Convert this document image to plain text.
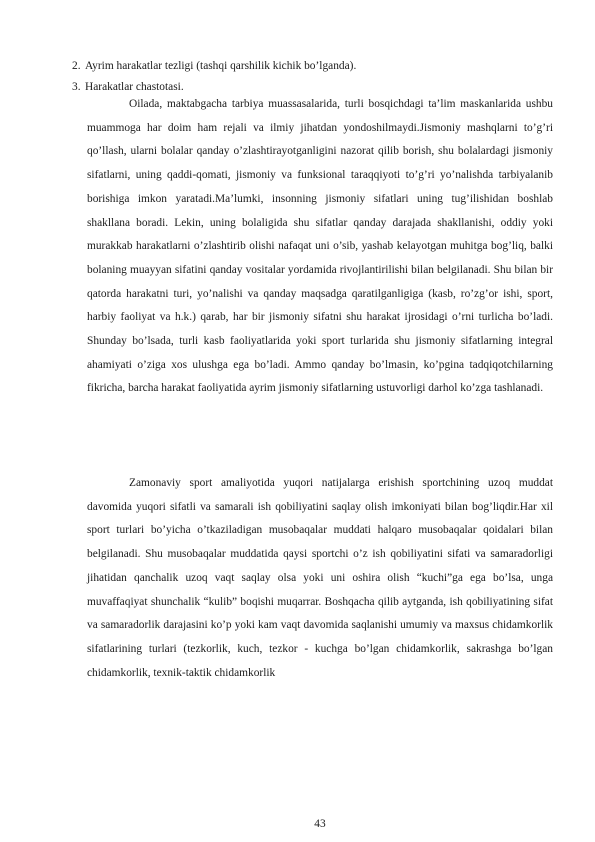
2. Ayrim harakatlar tezligi (tashqi qarshilik kichik bo’lganda).
3. Harakatlar chastotasi.

Oilada, maktabgacha tarbiya muassasalarida, turli bosqichdagi ta’lim maskanlarida ushbu muammoga har doim ham rejali va ilmiy jihatdan yondoshilmaydi.Jismoniy mashqlarni to’g’ri qo’llash, ularni bolalar qanday o’zlashtirayotganligini nazorat qilib borish, shu bolalardagi jismoniy sifatlarni, uning qaddi-qomati, jismoniy va funksional taraqqiyoti to’g’ri yo’nalishda tarbiyalanib borishiga imkon yaratadi.Ma’lumki, insonning jismoniy sifatlari uning tug’ilishidan boshlab shakllana boradi. Lekin, uning bolaligida shu sifatlar qanday darajada shakllanishi, oddiy yoki murakkab harakatlarni o’zlashtirib olishi nafaqat uni o’sib, yashab kelayotgan muhitga bog’liq, balki bolaning muayyan sifatini qanday vositalar yordamida rivojlantirilishi bilan belgilanadi. Shu bilan bir qatorda harakatni turi, yo’nalishi va qanday maqsadga qaratilganligiga (kasb, ro’zg’or ishi, sport, harbiy faoliyat va h.k.) qarab, har bir jismoniy sifatni shu harakat ijrosidagi o’rni turlicha bo’ladi. Shunday bo’lsada, turli kasb faoliyatlarida yoki sport turlarida shu jismoniy sifatlarning integral ahamiyati o’ziga xos ulushga ega bo’ladi. Ammo qanday bo’lmasin, ko’pgina tadqiqotchilarning fikricha, barcha harakat faoliyatida ayrim jismoniy sifatlarning ustuvorligi darhol ko’zga tashlanadi.

Zamonaviy sport amaliyotida yuqori natijalarga erishish sportchining uzoq muddat davomida yuqori sifatli va samarali ish qobiliyatini saqlay olish imkoniyati bilan bog’liqdir.Har xil sport turlari bo’yicha o’tkaziladigan musobaqalar muddati halqaro musobaqalar qoidalari bilan belgilanadi. Shu musobaqalar muddatida qaysi sportchi o’z ish qobiliyatini sifati va samaradorligi jihatidan qanchalik uzoq vaqt saqlay olsa yoki uni oshira olish “kuchi”ga ega bo’lsa, unga muvaffaqiyat shunchalik “kulib” boqishi muqarrar. Boshqacha qilib aytganda, ish qobiliyatining sifat va samaradorlik darajasini ko’p yoki kam vaqt davomida saqlanishi umumiy va maxsus chidamkorlik sifatlarining turlari (tezkorlik, kuch, tezkor - kuchga bo’lgan chidamkorlik, sakrashga bo’lgan chidamkorlik, texnik-taktik chidamkorlik

43
